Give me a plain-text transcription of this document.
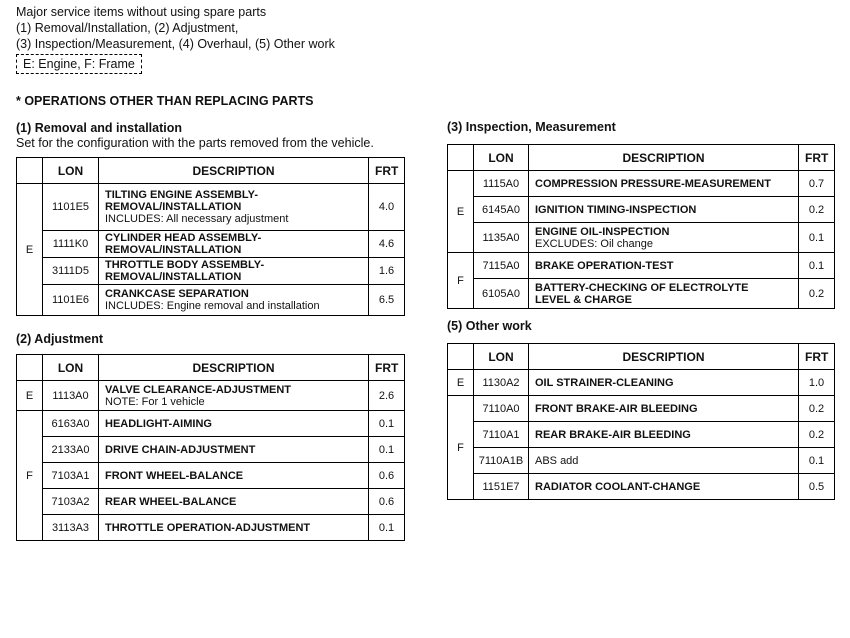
Major service items without using spare parts
(1) Removal/Installation, (2) Adjustment,
(3) Inspection/Measurement, (4) Overhaul, (5) Other work
E: Engine, F: Frame
* OPERATIONS OTHER THAN REPLACING PARTS
(1) Removal and installation
Set for the configuration with the parts removed from the vehicle.
	LON	DESCRIPTION	FRT
E	1101E5	TILTING ENGINE ASSEMBLY-
REMOVAL/INSTALLATION
INCLUDES: All necessary adjustment	4.0
	1111K0	CYLINDER HEAD ASSEMBLY-
REMOVAL/INSTALLATION	4.6
	3111D5	THROTTLE BODY ASSEMBLY-
REMOVAL/INSTALLATION	1.6
	1101E6	CRANKCASE SEPARATION
INCLUDES: Engine removal and installation	6.5
(2) Adjustment
	LON	DESCRIPTION	FRT
E	1113A0	VALVE CLEARANCE-ADJUSTMENT
NOTE: For 1 vehicle	2.6
F	6163A0	HEADLIGHT-AIMING	0.1
	2133A0	DRIVE CHAIN-ADJUSTMENT	0.1
	7103A1	FRONT WHEEL-BALANCE	0.6
	7103A2	REAR WHEEL-BALANCE	0.6
	3113A3	THROTTLE OPERATION-ADJUSTMENT	0.1
(3) Inspection, Measurement
	LON	DESCRIPTION	FRT
E	1115A0	COMPRESSION PRESSURE-MEASUREMENT	0.7
	6145A0	IGNITION TIMING-INSPECTION	0.2
	1135A0	ENGINE OIL-INSPECTION
EXCLUDES: Oil change	0.1
F	7115A0	BRAKE OPERATION-TEST	0.1
	6105A0	BATTERY-CHECKING OF ELECTROLYTE
LEVEL & CHARGE	0.2
(5) Other work
	LON	DESCRIPTION	FRT
E	1130A2	OIL STRAINER-CLEANING	1.0
F	7110A0	FRONT BRAKE-AIR BLEEDING	0.2
	7110A1	REAR BRAKE-AIR BLEEDING	0.2
	7110A1B	ABS add	0.1
	1151E7	RADIATOR COOLANT-CHANGE	0.5
